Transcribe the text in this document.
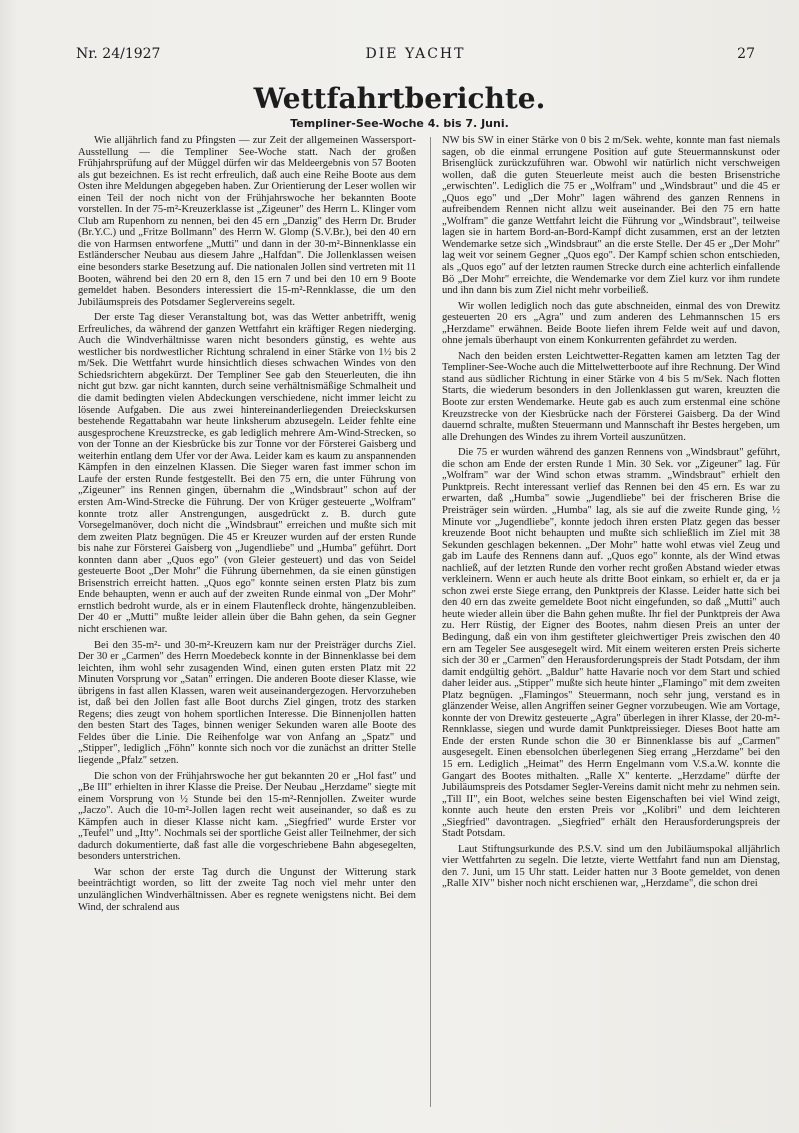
Nr. 24/1927	DIE YACHT	27
Wettfahrtberichte.
Templiner-See-Woche 4. bis 7. Juni.

Wie alljährlich fand zu Pfingsten — zur Zeit der allgemeinen Wassersport-Ausstellung — die Templiner See-Woche statt. Nach der großen Frühjahrsprüfung auf der Müggel dürfen wir das Meldeergebnis von 57 Booten als gut bezeichnen. Es ist recht erfreulich, daß auch eine Reihe Boote aus dem Osten ihre Meldungen abgegeben haben. Zur Orientierung der Leser wollen wir einen Teil der noch nicht von der Frühjahrswoche her bekannten Boote vorstellen. In der 75-m²-Kreuzerklasse ist „Zigeuner" des Herrn L. Klinger vom Club am Rupenhorn zu nennen, bei den 45 ern „Danzig" des Herrn Dr. Bruder (Br.Y.C.) und „Fritze Bollmann" des Herrn W. Glomp (S.V.Br.), bei den 40 ern die von Harmsen entworfene „Mutti" und dann in der 30-m²-Binnenklasse ein Estländerscher Neubau aus diesem Jahre „Halfdan". Die Jollenklassen weisen eine besonders starke Besetzung auf. Die nationalen Jollen sind vertreten mit 11 Booten, während bei den 20 ern 8, den 15 ern 7 und bei den 10 ern 9 Boote gemeldet haben. Besonders interessiert die 15-m²-Rennklasse, die um den Jubiläumspreis des Potsdamer Seglervereins segelt.

Der erste Tag dieser Veranstaltung bot, was das Wetter anbetrifft, wenig Erfreuliches, da während der ganzen Wettfahrt ein kräftiger Regen niederging. Auch die Windverhältnisse waren nicht besonders günstig, es wehte aus westlicher bis nordwestlicher Richtung schralend in einer Stärke von 1½ bis 2 m/Sek. Die Wettfahrt wurde hinsichtlich dieses schwachen Windes von den Schiedsrichtern abgekürzt. Der Templiner See gab den Steuerleuten, die ihn nicht gut bzw. gar nicht kannten, durch seine verhältnismäßige Schmalheit und die damit bedingten vielen Abdeckungen verschiedene, nicht immer leicht zu lösende Aufgaben. Die aus zwei hintereinanderliegenden Dreieckskursen bestehende Regattabahn war heute linksherum abzusegeln. Leider fehlte eine ausgesprochene Kreuzstrecke, es gab lediglich mehrere Am-Wind-Strecken, so von der Tonne an der Kiesbrücke bis zur Tonne vor der Försterei Gaisberg und weiterhin entlang dem Ufer vor der Awa. Leider kam es kaum zu anspannenden Kämpfen in den einzelnen Klassen. Die Sieger waren fast immer schon im Laufe der ersten Runde festgestellt. Bei den 75 ern, die unter Führung von „Zigeuner" ins Rennen gingen, übernahm die „Windsbraut" schon auf der ersten Am-Wind-Strecke die Führung. Der von Krüger gesteuerte „Wolfram" konnte trotz aller Anstrengungen, ausgedrückt z. B. durch gute Vorsegelmanöver, doch nicht die „Windsbraut" erreichen und mußte sich mit dem zweiten Platz begnügen. Die 45 er Kreuzer wurden auf der ersten Runde bis nahe zur Försterei Gaisberg von „Jugendliebe" und „Humba" geführt. Dort konnten dann aber „Quos ego" (von Gleier gesteuert) und das von Seidel gesteuerte Boot „Der Mohr" die Führung übernehmen, da sie einen günstigen Brisenstrich erreicht hatten. „Quos ego" konnte seinen ersten Platz bis zum Ende behaupten, wenn er auch auf der zweiten Runde einmal von „Der Mohr" ernstlich bedroht wurde, als er in einem Flautenfleck drohte, hängenzubleiben. Der 40 er „Mutti" mußte leider allein über die Bahn gehen, da sein Gegner nicht erschienen war.

Bei den 35-m²- und 30-m²-Kreuzern kam nur der Preisträger durchs Ziel. Der 30 er „Carmen" des Herrn Moedebeck konnte in der Binnenklasse bei dem leichten, ihm wohl sehr zusagenden Wind, einen guten ersten Platz mit 22 Minuten Vorsprung vor „Satan" erringen. Die anderen Boote dieser Klasse, wie übrigens in fast allen Klassen, waren weit auseinandergezogen. Hervorzuheben ist, daß bei den Jollen fast alle Boot durchs Ziel gingen, trotz des starken Regens; dies zeugt von hohem sportlichen Interesse. Die Binnenjollen hatten den besten Start des Tages, binnen weniger Sekunden waren alle Boote des Feldes über die Linie. Die Reihenfolge war von Anfang an „Spatz" und „Stipper", lediglich „Föhn" konnte sich noch vor die zunächst an dritter Stelle liegende „Pfalz" setzen.

Die schon von der Frühjahrswoche her gut bekannten 20 er „Hol fast" und „Be III" erhielten in ihrer Klasse die Preise. Der Neubau „Herzdame" siegte mit einem Vorsprung von ½ Stunde bei den 15-m²-Rennjollen. Zweiter wurde „Jaczo". Auch die 10-m²-Jollen lagen recht weit auseinander, so daß es zu Kämpfen auch in dieser Klasse nicht kam. „Siegfried" wurde Erster vor „Teufel" und „Itty". Nochmals sei der sportliche Geist aller Teilnehmer, der sich dadurch dokumentierte, daß fast alle die vorgeschriebene Bahn abgesegelten, besonders unterstrichen.

War schon der erste Tag durch die Ungunst der Witterung stark beeinträchtigt worden, so litt der zweite Tag noch viel mehr unter den unzulänglichen Windverhältnissen. Aber es regnete wenigstens nicht. Bei dem Wind, der schralend aus

NW bis SW in einer Stärke von 0 bis 2 m/Sek. wehte, konnte man fast niemals sagen, ob die einmal errungene Position auf gute Steuermannskunst oder Brisenglück zurückzuführen war. Obwohl wir natürlich nicht verschweigen wollen, daß die guten Steuerleute meist auch die besten Brisenstriche „erwischten". Lediglich die 75 er „Wolfram" und „Windsbraut" und die 45 er „Quos ego" und „Der Mohr" lagen während des ganzen Rennens in aufreibendem Rennen nicht allzu weit auseinander. Bei den 75 ern hatte „Wolfram" die ganze Wettfahrt leicht die Führung vor „Windsbraut", teilweise lagen sie in hartem Bord-an-Bord-Kampf dicht zusammen, erst an der letzten Wendemarke setze sich „Windsbraut" an die erste Stelle. Der 45 er „Der Mohr" lag weit vor seinem Gegner „Quos ego". Der Kampf schien schon entschieden, als „Quos ego" auf der letzten raumen Strecke durch eine achterlich einfallende Bö „Der Mohr" erreichte, die Wendemarke vor dem Ziel kurz vor ihm rundete und ihn dann bis zum Ziel nicht mehr vorbeiließ.

Wir wollen lediglich noch das gute abschneiden, einmal des von Drewitz gesteuerten 20 ers „Agra" und zum anderen des Lehmannschen 15 ers „Herzdame" erwähnen. Beide Boote liefen ihrem Felde weit auf und davon, ohne jemals überhaupt von einem Konkurrenten gefährdet zu werden.

Nach den beiden ersten Leichtwetter-Regatten kamen am letzten Tag der Templiner-See-Woche auch die Mittelwetterboote auf ihre Rechnung. Der Wind stand aus südlicher Richtung in einer Stärke von 4 bis 5 m/Sek. Nach flotten Starts, die wiederum besonders in den Jollenklassen gut waren, kreuzten die Boote zur ersten Wendemarke. Heute gab es auch zum erstenmal eine schöne Kreuzstrecke von der Kiesbrücke nach der Försterei Gaisberg. Da der Wind dauernd schralte, mußten Steuermann und Mannschaft ihr Bestes hergeben, um alle Drehungen des Windes zu ihrem Vorteil auszunützen.

Die 75 er wurden während des ganzen Rennens von „Windsbraut" geführt, die schon am Ende der ersten Runde 1 Min. 30 Sek. vor „Zigeuner" lag. Für „Wolfram" war der Wind schon etwas stramm. „Windsbraut" erhielt den Punktpreis. Recht interessant verlief das Rennen bei den 45 ern. Es war zu erwarten, daß „Humba" sowie „Jugendliebe" bei der frischeren Brise die Preisträger sein würden. „Humba" lag, als sie auf die zweite Runde ging, ½ Minute vor „Jugendliebe", konnte jedoch ihren ersten Platz gegen das besser kreuzende Boot nicht behaupten und mußte sich schließlich im Ziel mit 38 Sekunden geschlagen bekennen. „Der Mohr" hatte wohl etwas viel Zeug und gab im Laufe des Rennens dann auf. „Quos ego" konnte, als der Wind etwas nachließ, auf der letzten Runde den vorher recht großen Abstand wieder etwas verkleinern. Wenn er auch heute als dritte Boot einkam, so erhielt er, da er ja schon zwei erste Siege errang, den Punktpreis der Klasse. Leider hatte sich bei den 40 ern das zweite gemeldete Boot nicht eingefunden, so daß „Mutti" auch heute wieder allein über die Bahn gehen mußte. Ihr fiel der Punktpreis der Awa zu. Herr Rüstig, der Eigner des Bootes, nahm diesen Preis an unter der Bedingung, daß ein von ihm gestifteter gleichwertiger Preis zwischen den 40 ern am Tegeler See ausgesegelt wird. Mit einem weiteren ersten Preis sicherte sich der 30 er „Carmen" den Herausforderungspreis der Stadt Potsdam, der ihm damit endgültig gehört. „Baldur" hatte Havarie noch vor dem Start und schied daher leider aus. „Stipper" mußte sich heute hinter „Flamingo" mit dem zweiten Platz begnügen. „Flamingos" Steuermann, noch sehr jung, verstand es in glänzender Weise, allen Angriffen seiner Gegner vorzubeugen. Wie am Vortage, konnte der von Drewitz gesteuerte „Agra" überlegen in ihrer Klasse, der 20-m²-Rennklasse, siegen und wurde damit Punktpreissieger. Dieses Boot hatte am Ende der ersten Runde schon die 30 er Binnenklasse bis auf „Carmen" ausgesegelt. Einen ebensolchen überlegenen Sieg errang „Herzdame" bei den 15 ern. Lediglich „Heimat" des Herrn Engelmann vom V.S.a.W. konnte die Gangart des Bootes mithalten. „Ralle X" kenterte. „Herzdame" dürfte der Jubiläumspreis des Potsdamer Segler-Vereins damit nicht mehr zu nehmen sein. „Till II", ein Boot, welches seine besten Eigenschaften bei viel Wind zeigt, konnte auch heute den ersten Preis vor „Kolibri" und dem leichteren „Siegfried" davontragen. „Siegfried" erhält den Herausforderungspreis der Stadt Potsdam.

Laut Stiftungsurkunde des P.S.V. sind um den Jubiläumspokal alljährlich vier Wettfahrten zu segeln. Die letzte, vierte Wettfahrt fand nun am Dienstag, den 7. Juni, um 15 Uhr statt. Leider hatten nur 3 Boote gemeldet, von denen „Ralle XIV" bisher noch nicht erschienen war, „Herzdame", die schon drei
